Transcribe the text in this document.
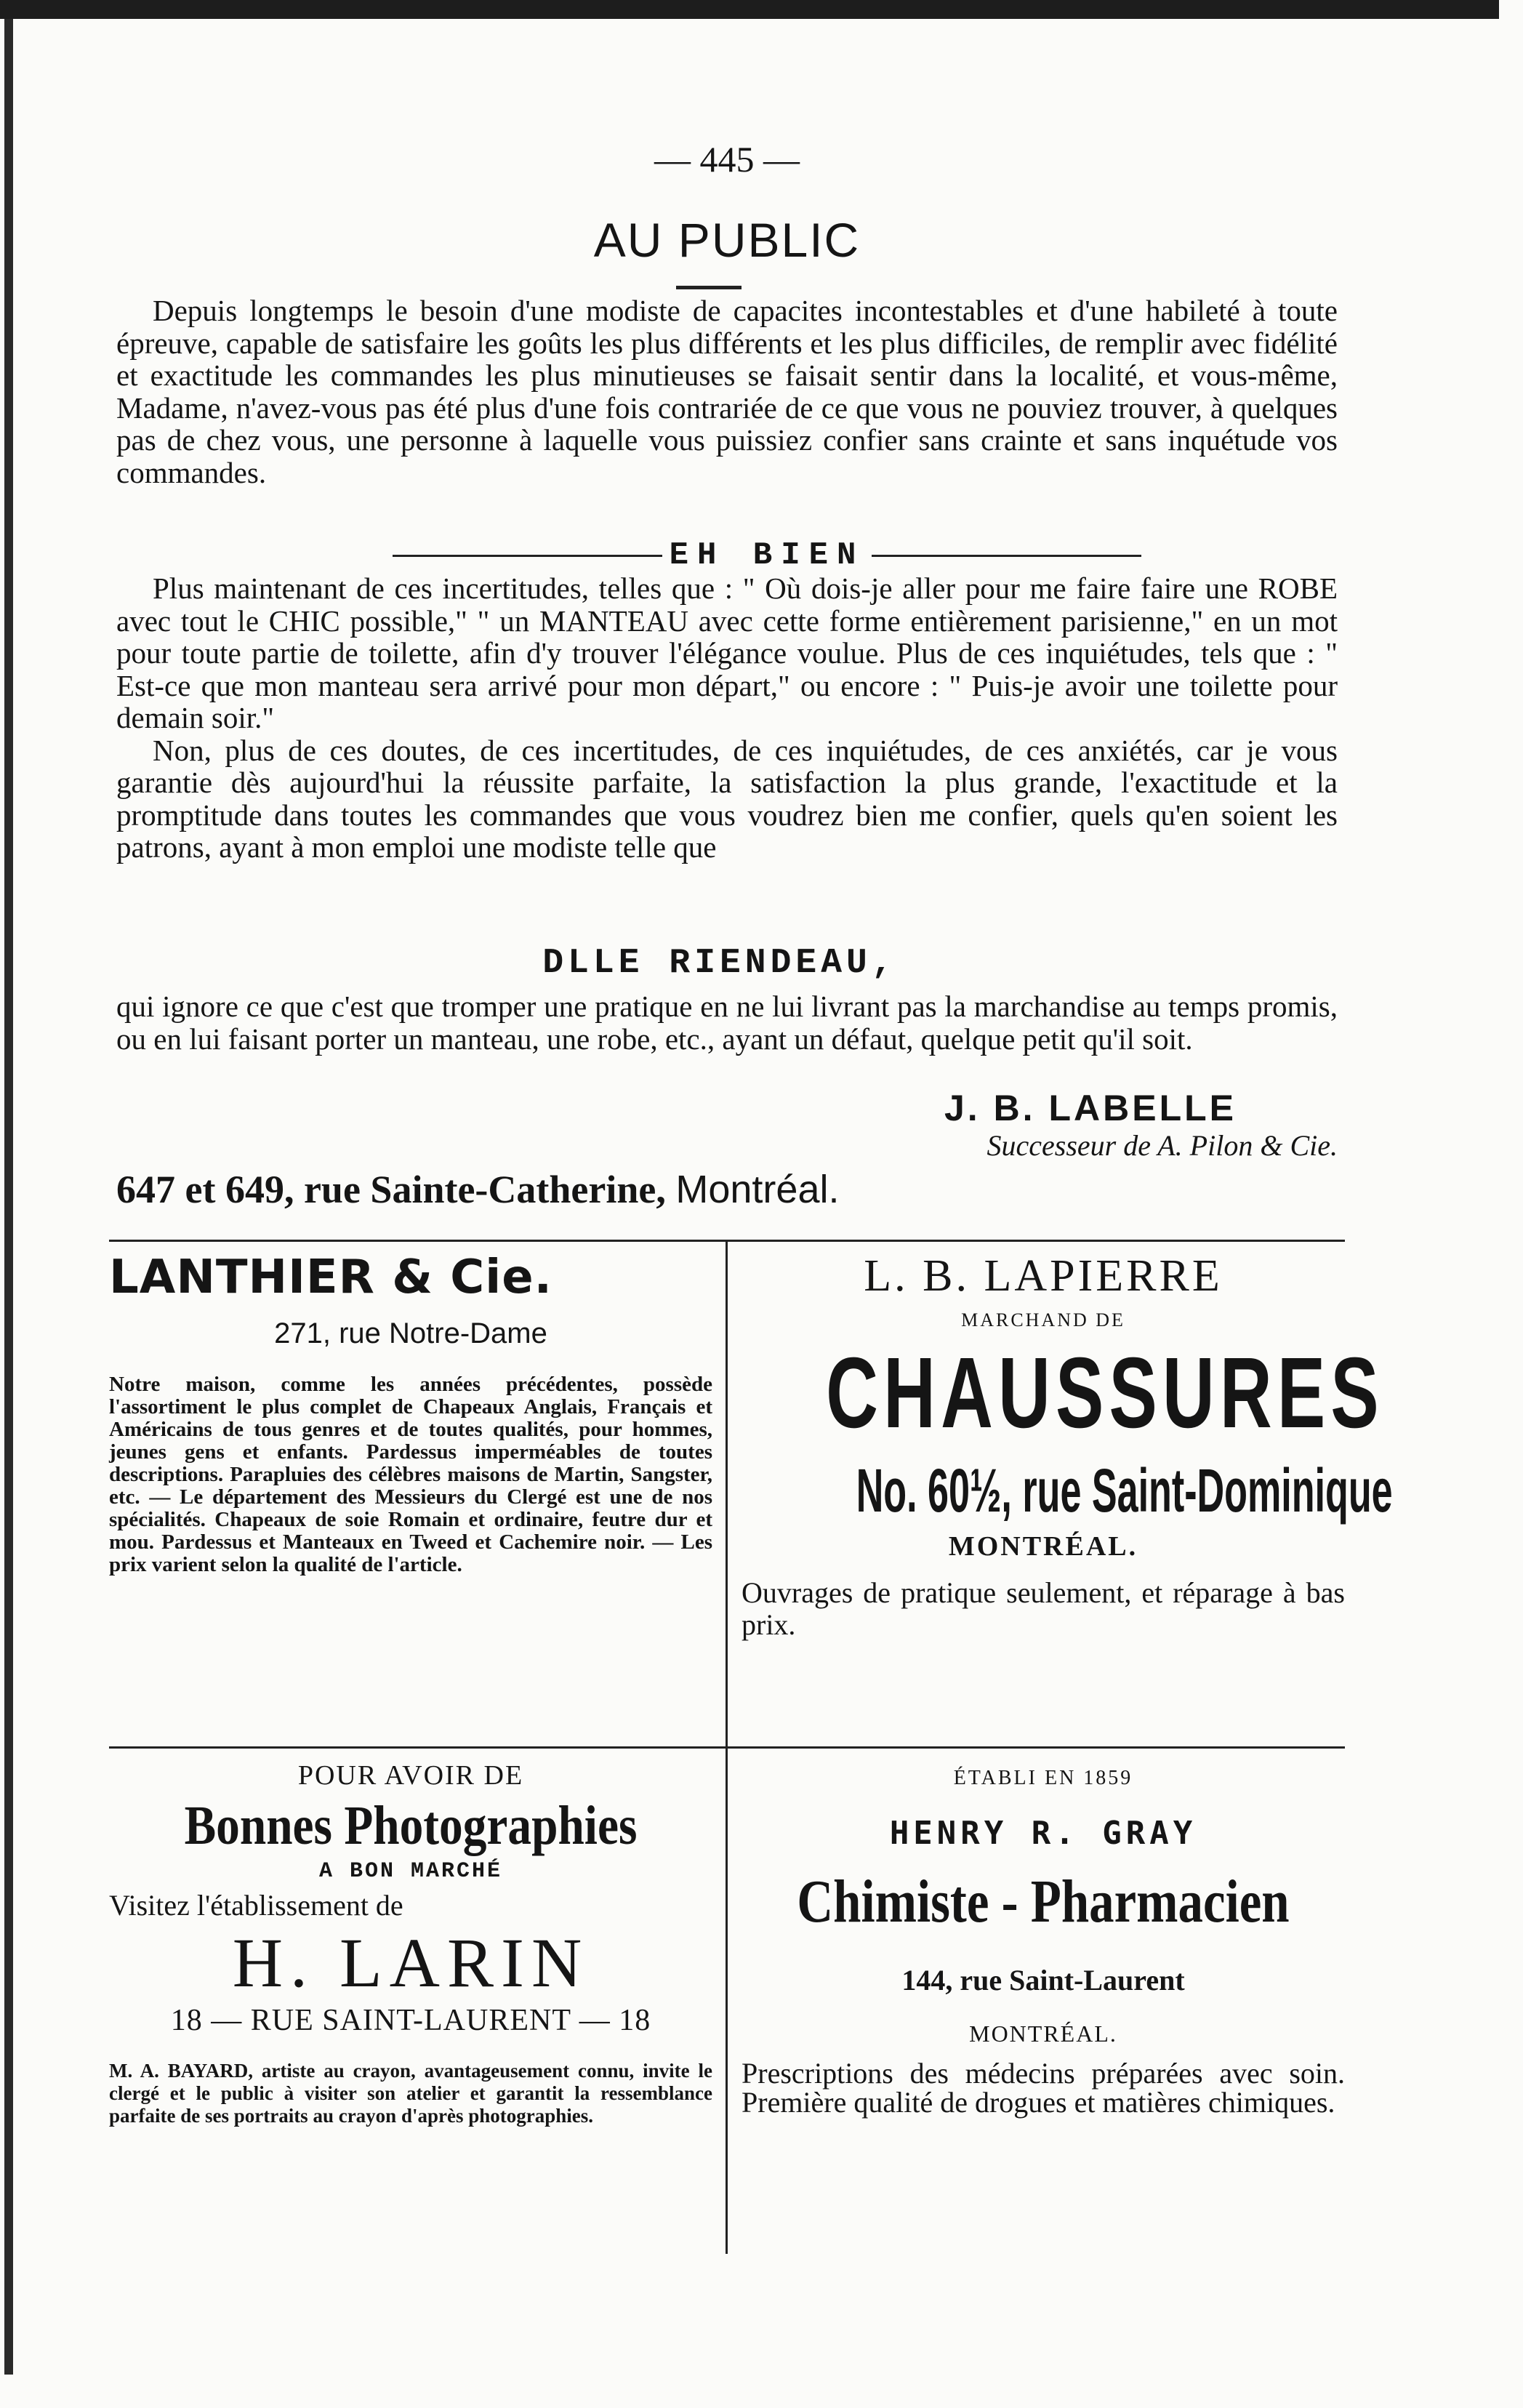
— 445 —
AU PUBLIC

Depuis longtemps le besoin d'une modiste de capacites incontestables et d'une habileté à toute épreuve, capable de satisfaire les goûts les plus différents et les plus difficiles, de remplir avec fidélité et exactitude les commandes les plus minutieuses se faisait sentir dans la localité, et vous-même, Madame, n'avez-vous pas été plus d'une fois contrariée de ce que vous ne pouviez trouver, à quelques pas de chez vous, une personne à laquelle vous puissiez confier sans crainte et sans inquétude vos commandes.

EH BIEN

Plus maintenant de ces incertitudes, telles que : " Où dois-je aller pour me faire faire une ROBE avec tout le CHIC possible," " un MANTEAU avec cette forme entièrement parisienne," en un mot pour toute partie de toilette, afin d'y trouver l'élégance voulue. Plus de ces inquiétudes, tels que : " Est-ce que mon manteau sera arrivé pour mon départ," ou encore : " Puis-je avoir une toilette pour demain soir."

Non, plus de ces doutes, de ces incertitudes, de ces inquiétudes, de ces anxiétés, car je vous garantie dès aujourd'hui la réussite parfaite, la satisfaction la plus grande, l'exactitude et la promptitude dans toutes les commandes que vous voudrez bien me confier, quels qu'en soient les patrons, ayant à mon emploi une modiste telle que

DLLE RIENDEAU,

qui ignore ce que c'est que tromper une pratique en ne lui livrant pas la marchandise au temps promis, ou en lui faisant porter un manteau, une robe, etc., ayant un défaut, quelque petit qu'il soit.

J. B. LABELLE
Successeur de A. Pilon & Cie.
647 et 649, rue Sainte-Catherine, Montréal.
LANTHIER & Cie.
271, rue Notre-Dame
Notre maison, comme les années précédentes, possède l'assortiment le plus complet de Chapeaux Anglais, Français et Américains de tous genres et de toutes qualités, pour hommes, jeunes gens et enfants. Pardessus imperméables de toutes descriptions. Parapluies des célèbres maisons de Martin, Sangster, etc. — Le département des Messieurs du Clergé est une de nos spécialités. Chapeaux de soie Romain et ordinaire, feutre dur et mou. Pardessus et Manteaux en Tweed et Cachemire noir. — Les prix varient selon la qualité de l'article.
L. B. LAPIERRE
MARCHAND DE
CHAUSSURES
No. 60½, rue Saint-Dominique
MONTRÉAL.
Ouvrages de pratique seulement, et réparage à bas prix.
POUR AVOIR DE
Bonnes Photographies
A BON MARCHÉ
Visitez l'établissement de
H. LARIN
18 — RUE SAINT-LAURENT — 18
M. A. BAYARD, artiste au crayon, avantageusement connu, invite le clergé et le public à visiter son atelier et garantit la ressemblance parfaite de ses portraits au crayon d'après photographies.
ÉTABLI EN 1859
HENRY R. GRAY
Chimiste - Pharmacien
144, rue Saint-Laurent
MONTRÉAL.
Prescriptions des médecins préparées avec soin. Première qualité de drogues et matières chimiques.
